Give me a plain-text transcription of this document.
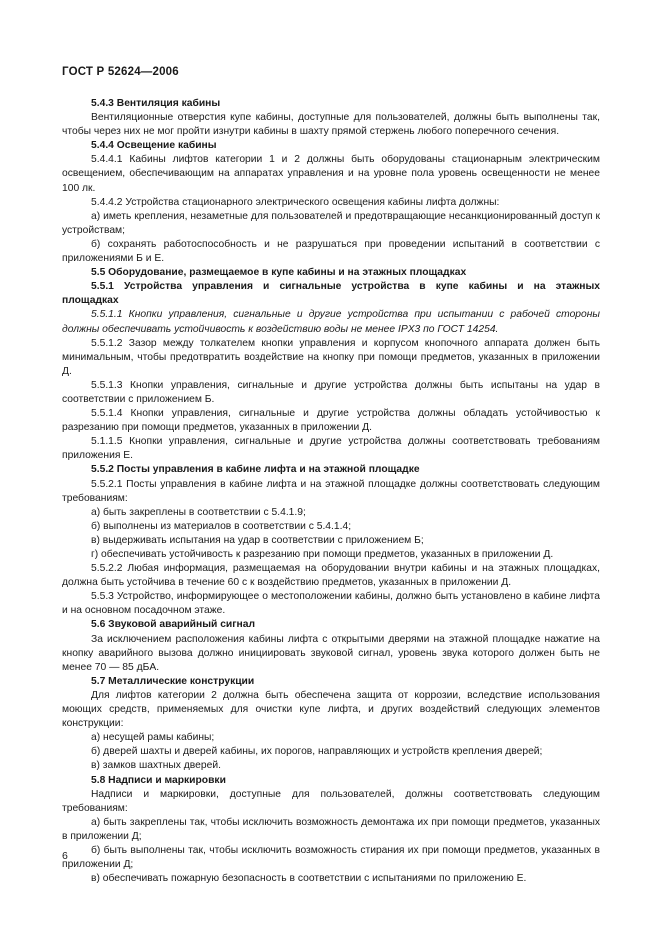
ГОСТ Р 52624—2006

5.4.3 Вентиляция кабины

Вентиляционные отверстия купе кабины, доступные для пользователей, должны быть выполнены так, чтобы через них не мог пройти изнутри кабины в шахту прямой стержень любого поперечного сечения.

5.4.4 Освещение кабины

5.4.4.1 Кабины лифтов категории 1 и 2 должны быть оборудованы стационарным электрическим освещением, обеспечивающим на аппаратах управления и на уровне пола уровень освещенности не менее 100 лк.

5.4.4.2 Устройства стационарного электрического освещения кабины лифта должны:

а) иметь крепления, незаметные для пользователей и предотвращающие несанкционированный доступ к устройствам;

б) сохранять работоспособность и не разрушаться при проведении испытаний в соответствии с приложениями Б и Е.

5.5 Оборудование, размещаемое в купе кабины и на этажных площадках

5.5.1 Устройства управления и сигнальные устройства в купе кабины и на этажных площадках

5.5.1.1 Кнопки управления, сигнальные и другие устройства при испытании с рабочей стороны должны обеспечивать устойчивость к воздействию воды не менее IPX3 по ГОСТ 14254.

5.5.1.2 Зазор между толкателем кнопки управления и корпусом кнопочного аппарата должен быть минимальным, чтобы предотвратить воздействие на кнопку при помощи предметов, указанных в приложении Д.

5.5.1.3 Кнопки управления, сигнальные и другие устройства должны быть испытаны на удар в соответствии с приложением Б.

5.5.1.4 Кнопки управления, сигнальные и другие устройства должны обладать устойчивостью к разрезанию при помощи предметов, указанных в приложении Д.

5.1.1.5 Кнопки управления, сигнальные и другие устройства должны соответствовать требованиям приложения Е.

5.5.2 Посты управления в кабине лифта и на этажной площадке

5.5.2.1 Посты управления в кабине лифта и на этажной площадке должны соответствовать следующим требованиям:

а) быть закреплены в соответствии с 5.4.1.9;

б) выполнены из материалов в соответствии с 5.4.1.4;

в) выдерживать испытания на удар в соответствии с приложением Б;

г) обеспечивать устойчивость к разрезанию при помощи предметов, указанных в приложении Д.

5.5.2.2 Любая информация, размещаемая на оборудовании внутри кабины и на этажных площадках, должна быть устойчива в течение 60 с к воздействию предметов, указанных в приложении Д.

5.5.3 Устройство, информирующее о местоположении кабины, должно быть установлено в кабине лифта и на основном посадочном этаже.

5.6 Звуковой аварийный сигнал

За исключением расположения кабины лифта с открытыми дверями на этажной площадке нажатие на кнопку аварийного вызова должно инициировать звуковой сигнал, уровень звука которого должен быть не менее 70 — 85 дБA.

5.7 Металлические конструкции

Для лифтов категории 2 должна быть обеспечена защита от коррозии, вследствие использования моющих средств, применяемых для очистки купе лифта, и других воздействий следующих элементов конструкции:

а) несущей рамы кабины;

б) дверей шахты и дверей кабины, их порогов, направляющих и устройств крепления дверей;

в) замков шахтных дверей.

5.8 Надписи и маркировки

Надписи и маркировки, доступные для пользователей, должны соответствовать следующим требованиям:

а) быть закреплены так, чтобы исключить возможность демонтажа их при помощи предметов, указанных в приложении Д;

б) быть выполнены так, чтобы исключить возможность стирания их при помощи предметов, указанных в приложении Д;

в) обеспечивать пожарную безопасность в соответствии с испытаниями по приложению Е.

6
